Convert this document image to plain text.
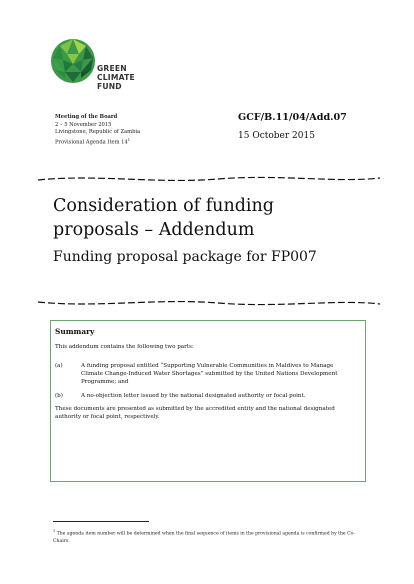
GREEN
CLIMATE
FUND
Meeting of the Board
2 – 5 November 2015
Livingstone, Republic of Zambia
Provisional Agenda Item $14^1$
GCF/B.11/04/Add.07
15 October 2015
Consideration of funding
proposals – Addendum
Funding proposal package for FP007
Summary
This addendum contains the following two parts:
(a)	A funding proposal entitled “Supporting Vulnerable Communities in Maldives to Manage Climate Change-Induced Water Shortages” submitted by the United Nations Development Programme; and
(b)	A no-objection letter issued by the national designated authority or focal point.
These documents are presented as submitted by the accredited entity and the national designated authority or focal point, respectively.
$^1$ The agenda item number will be determined when the final sequence of items in the provisional agenda is confirmed by the Co-Chairs.
